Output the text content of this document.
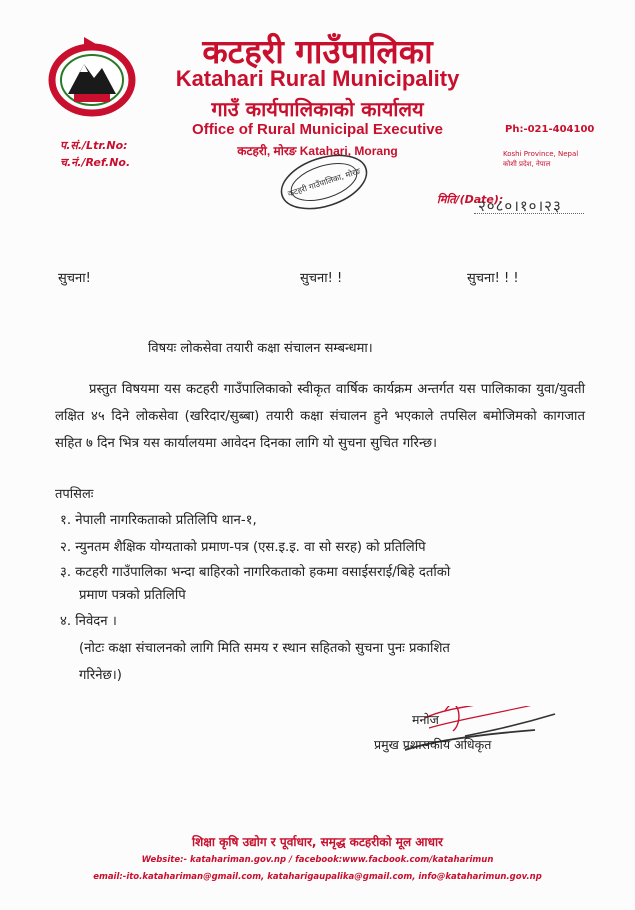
कटहरी गाउँपालिका
Katahari Rural Municipality
गाउँ कार्यपालिकाको कार्यालय
Office of Rural Municipal Executive
कटहरी, मोरङ Katahari, Morang
प.सं./Ltr.No:
च.नं./Ref.No.
Ph:-021-404100
Koshi Province, Nepal
कोशी प्रदेश, नेपाल
कटहरी गाउँपालिका, मोरङ
मिति/(Date):
२०८०।१०।२३
सुचना!	सुचना! !	सुचना! ! !
विषयः लोकसेवा तयारी कक्षा संचालन सम्बन्धमा।
प्रस्तुत विषयमा यस कटहरी गाउँपालिकाको स्वीकृत वार्षिक कार्यक्रम अन्तर्गत यस पालिकाका युवा/युवती लक्षित ४५ दिने लोकसेवा (खरिदार/सुब्बा) तयारी कक्षा संचालन हुने भएकाले तपसिल बमोजिमको कागजात सहित ७ दिन भित्र यस कार्यालयमा आवेदन दिनका लागि यो सुचना सुचित गरिन्छ।
तपसिलः
१. नेपाली नागरिकताको प्रतिलिपि थान-१,
२. न्युनतम शैक्षिक योग्यताको प्रमाण-पत्र (एस.इ.इ. वा सो सरह) को प्रतिलिपि
३. कटहरी गाउँपालिका भन्दा बाहिरको नागरिकताको हकमा वसाईसराई/बिहे दर्ताको
प्रमाण पत्रको प्रतिलिपि
४. निवेदन ।
(नोटः कक्षा संचालनको लागि मिति समय र स्थान सहितको सुचना पुनः प्रकाशित
गरिनेछ।)
मनोज
प्रमुख प्रशासकीय अधिकृत
शिक्षा कृषि उद्योग र पूर्वाधार, समृद्ध कटहरीको मूल आधार
Website:- katahariman.gov.np / facebook:www.facbook.com/kataharimun
email:-ito.katahariman@gmail.com, kataharigaupalika@gmail.com, info@kataharimun.gov.np
